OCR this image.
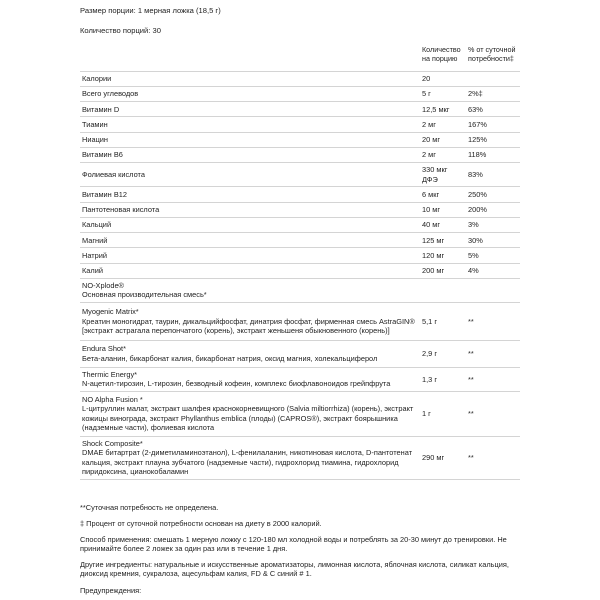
Размер порции: 1 мерная ложка (18,5 г)
Количество порций: 30
	Количество на порцию	% от суточной потребности‡
Калории	20	
Всего углеводов	5 г	2%‡
Витамин D	12,5 мкг	63%
Тиамин	2 мг	167%
Ниацин	20 мг	125%
Витамин B6	2 мг	118%
Фолиевая кислота	330 мкг ДФЭ	83%
Витамин B12	6 мкг	250%
Пантотеновая кислота	10 мг	200%
Кальций	40 мг	3%
Магний	125 мг	30%
Натрий	120 мг	5%
Калий	200 мг	4%

NO-Xplode®
Основная производительная смесь*		

Myogenic Matrix*
Креатин моногидрат, таурин, дикальцийфосфат, динатрия фосфат, фирменная смесь AstraGIN® [экстракт астрагала перепончатого (корень), экстракт женьшеня обыкновенного (корень)]	5,1 г	**

Endura Shot*
Бета-аланин, бикарбонат калия, бикарбонат натрия, оксид магния, холекальциферол	2,9 г	**

Thermic Energy*
N-ацетил-тирозин, L-тирозин, безводный кофеин, комплекс биофлавоноидов грейпфрута	1,3 г	**

NO Alpha Fusion *
L-цитруллин малат, экстракт шалфея краснокорневищного (Salvia miltiorrhiza) (корень), экстракт кожицы винограда, экстракт Phyllanthus emblica (плоды) (CAPROS®), экстракт боярышника (надземные части), фолиевая кислота	1 г	**

Shock Composite*
DMAE битартрат (2-диметиламиноэтанол), L-фенилаланин, никотиновая кислота, D-пантотенат кальция, экстракт плауна зубчатого (надземные части), гидрохлорид тиамина, гидрохлорид пиридоксина, цианокобаламин	290 мг	**
**Суточная потребность не определена.
‡ Процент от суточной потребности основан на диету в 2000 калорий.
Способ применения: смешать 1 мерную ложку с 120-180 мл холодной воды и потреблять за 20-30 минут до тренировки. Не принимайте более 2 ложек за один раз или в течение 1 дня.
Другие ингредиенты: натуральные и искусственные ароматизаторы, лимонная кислота, яблочная кислота, силикат кальция, диоксид кремния, сукралоза, ацесульфам калия, FD & C синий # 1.
Предупреждения:
